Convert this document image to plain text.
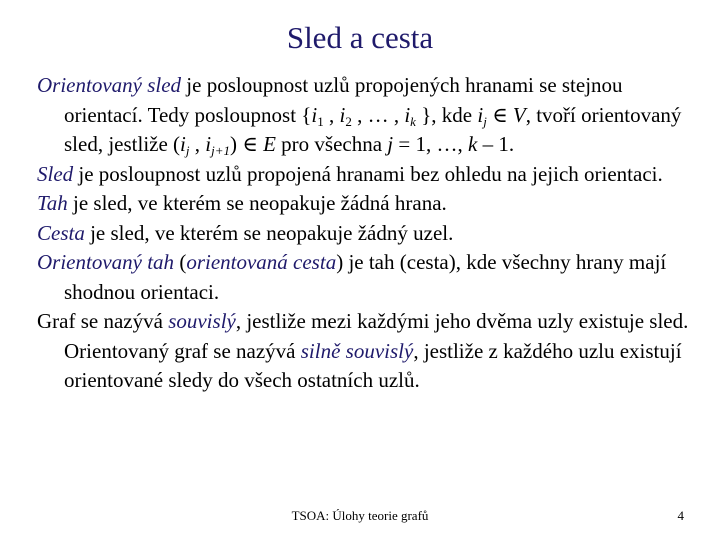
Sled a cesta

Orientovaný sled je posloupnost uzlů propojených hranami se stejnou orientací. Tedy posloupnost {$i_1$ , $i_2$ , … , $i_k$ }, kde $i_j$ ∈ V, tvoří orientovaný sled, jestliže ($i_j$ , $i_{j+1}$) ∈ E pro všechna j = 1, …, k – 1.

Sled je posloupnost uzlů propojená hranami bez ohledu na jejich orientaci.

Tah je sled, ve kterém se neopakuje žádná hrana.

Cesta je sled, ve kterém se neopakuje žádný uzel.

Orientovaný tah (orientovaná cesta) je tah (cesta), kde všechny hrany mají shodnou orientaci.

Graf se nazývá souvislý, jestliže mezi každými jeho dvěma uzly existuje sled. Orientovaný graf se nazývá silně souvislý, jestliže z každého uzlu existují orientované sledy do všech ostatních uzlů.

TSOA: Úlohy teorie grafů	4
